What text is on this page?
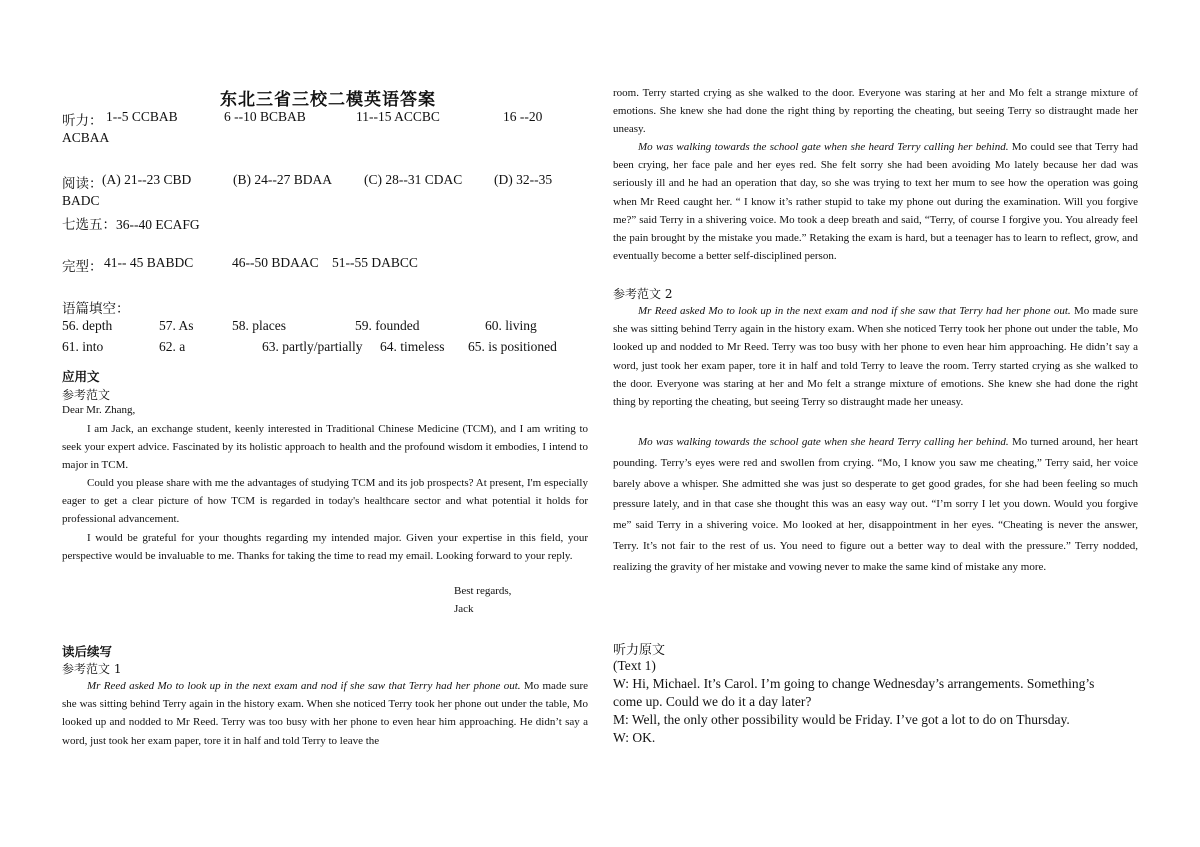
东北三省三校二模英语答案
听力： 1--5 CCBAB	6 --10 BCBAB	11--15 ACCBC	16 --20
ACBAA
阅读： (A) 21--23 CBD	(B) 24--27 BDAA (C) 28--31 CDAC (D) 32--35
BADC
七选五：36--40 ECAFG
完型： 41-- 45 BABDC	46--50 BDAAC 51--55 DABCC
语篇填空：
56. depth	57. As	58. places	59. founded	60. living
61. into	62. a	63. partly/partially 64. timeless 65. is positioned
应用文
参考范文
Dear Mr. Zhang,

I am Jack, an exchange student, keenly interested in Traditional Chinese Medicine (TCM), and I am writing to seek your expert advice. Fascinated by its holistic approach to health and the profound wisdom it embodies, I intend to major in TCM.

Could you please share with me the advantages of studying TCM and its job prospects? At present, I'm especially eager to get a clear picture of how TCM is regarded in today's healthcare sector and what potential it holds for professional advancement.

I would be grateful for your thoughts regarding my intended major. Given your expertise in this field, your perspective would be invaluable to me. Thanks for taking the time to read my email. Looking forward to your reply.

Best regards,
Jack
读后续写
参考范文 1

Mr Reed asked Mo to look up in the next exam and nod if she saw that Terry had her phone out. Mo made sure she was sitting behind Terry again in the history exam. When she noticed Terry took her phone out under the table, Mo looked up and nodded to Mr Reed. Terry was too busy with her phone to even hear him approaching. He didn’t say a word, just took her exam paper, tore it in half and told Terry to leave the

room. Terry started crying as she walked to the door. Everyone was staring at her and Mo felt a strange mixture of emotions. She knew she had done the right thing by reporting the cheating, but seeing Terry so distraught made her uneasy.

Mo was walking towards the school gate when she heard Terry calling her behind. Mo could see that Terry had been crying, her face pale and her eyes red. She felt sorry she had been avoiding Mo lately because her dad was seriously ill and he had an operation that day, so she was trying to text her mum to see how the operation was going when Mr Reed caught her. “ I know it’s rather stupid to take my phone out during the examination. Will you forgive me?” said Terry in a shivering voice. Mo took a deep breath and said, “Terry, of course I forgive you. You already feel the pain brought by the mistake you made.” Retaking the exam is hard, but a teenager has to learn to reflect, grow, and eventually become a better self-disciplined person.

参考范文 2

Mr Reed asked Mo to look up in the next exam and nod if she saw that Terry had her phone out. Mo made sure she was sitting behind Terry again in the history exam. When she noticed Terry took her phone out under the table, Mo looked up and nodded to Mr Reed. Terry was too busy with her phone to even hear him approaching. He didn’t say a word, just took her exam paper, tore it in half and told Terry to leave the room. Terry started crying as she walked to the door. Everyone was staring at her and Mo felt a strange mixture of emotions. She knew she had done the right thing by reporting the cheating, but seeing Terry so distraught made her uneasy.

Mo was walking towards the school gate when she heard Terry calling her behind. Mo turned around, her heart pounding. Terry’s eyes were red and swollen from crying. “Mo, I know you saw me cheating,” Terry said, her voice barely above a whisper. She admitted she was just so desperate to get good grades, for she had been feeling so much pressure lately, and in that case she thought this was an easy way out. “I’m sorry I let you down. Would you forgive me” said Terry in a shivering voice. Mo looked at her, disappointment in her eyes. “Cheating is never the answer, Terry. It’s not fair to the rest of us. You need to figure out a better way to deal with the pressure.” Terry nodded, realizing the gravity of her mistake and vowing never to make the same kind of mistake any more.

听力原文
(Text 1)
W: Hi, Michael. It’s Carol. I’m going to change Wednesday’s arrangements. Something’s
come up. Could we do it a day later?
M: Well, the only other possibility would be Friday. I’ve got a lot to do on Thursday.
W: OK.
